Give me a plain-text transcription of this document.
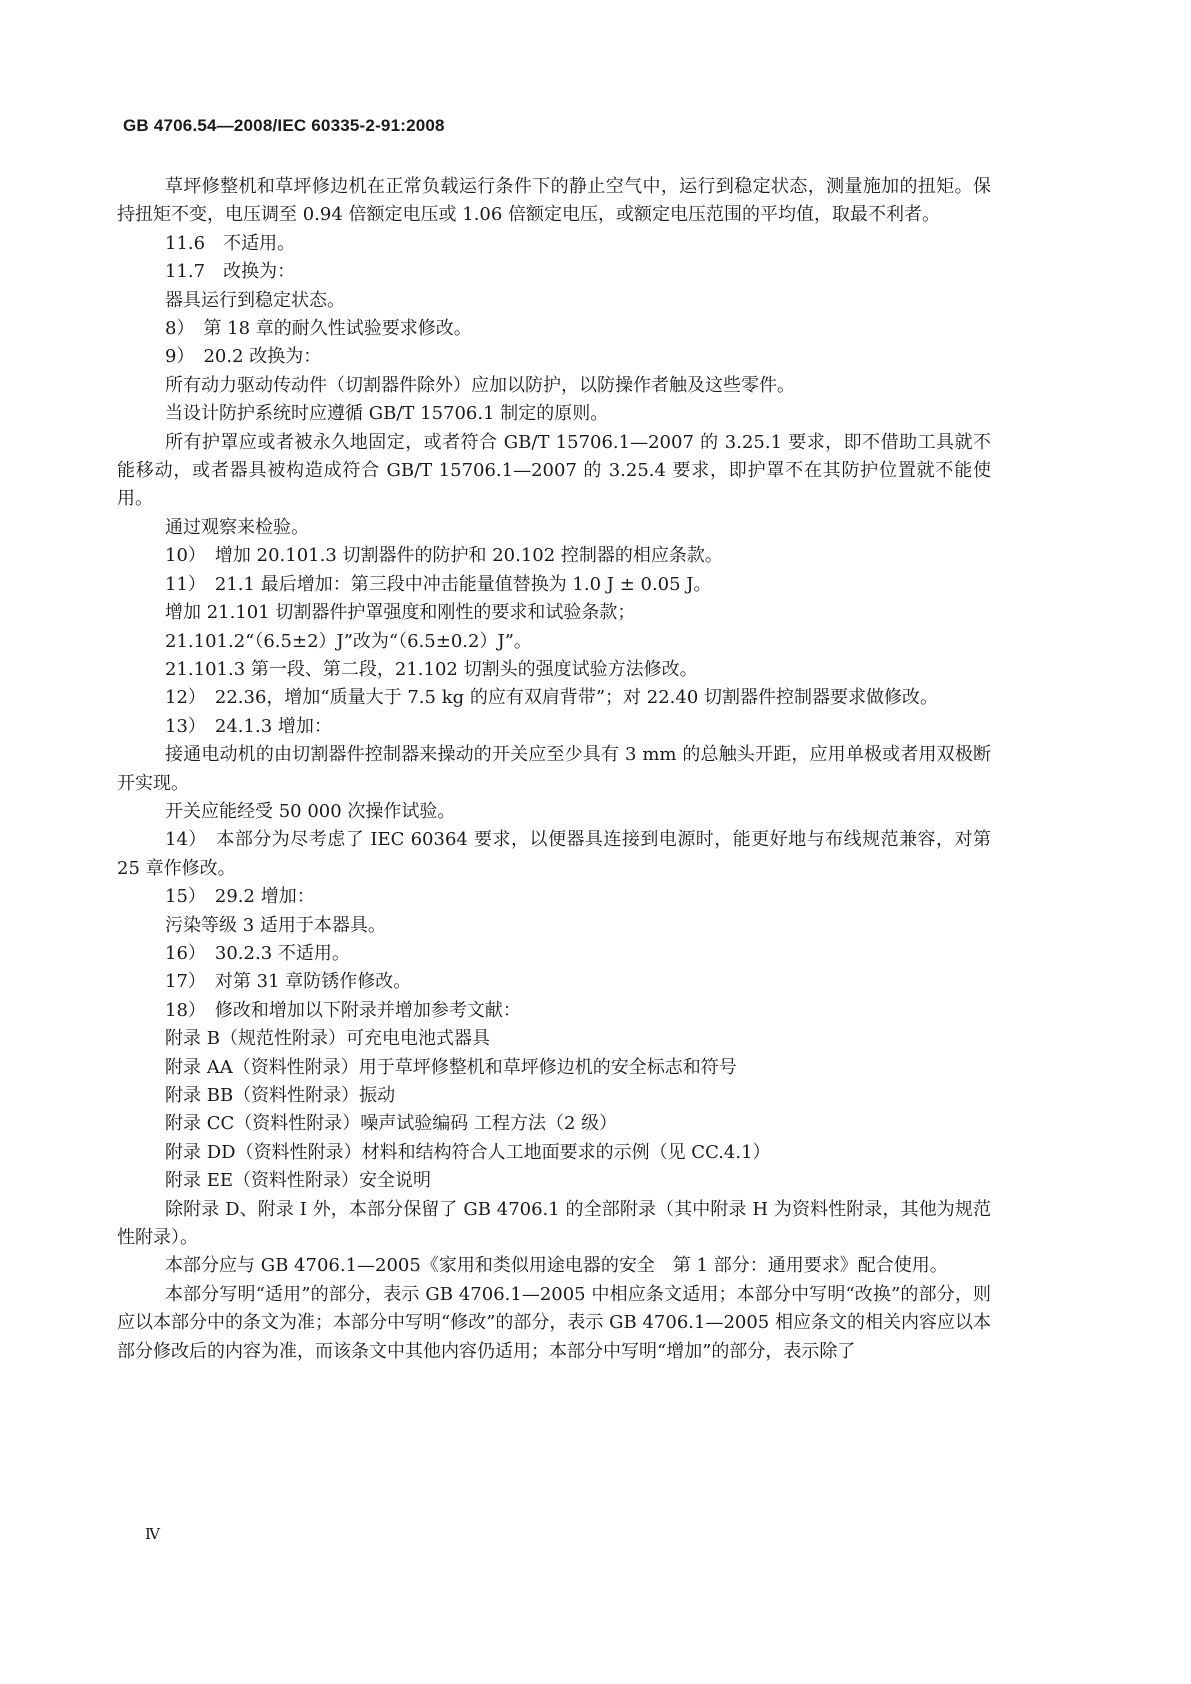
GB 4706.54—2008/IEC 60335-2-91:2008

草坪修整机和草坪修边机在正常负载运行条件下的静止空气中，运行到稳定状态，测量施加的扭矩。保持扭矩不变，电压调至 0.94 倍额定电压或 1.06 倍额定电压，或额定电压范围的平均值，取最不利者。

11.6　不适用。

11.7　改换为：

器具运行到稳定状态。

8）　第 18 章的耐久性试验要求修改。

9）　20.2 改换为：

所有动力驱动传动件（切割器件除外）应加以防护，以防操作者触及这些零件。

当设计防护系统时应遵循 GB/T 15706.1 制定的原则。

所有护罩应或者被永久地固定，或者符合 GB/T 15706.1—2007 的 3.25.1 要求，即不借助工具就不能移动，或者器具被构造成符合 GB/T 15706.1—2007 的 3.25.4 要求，即护罩不在其防护位置就不能使用。

通过观察来检验。

10）　增加 20.101.3 切割器件的防护和 20.102 控制器的相应条款。

11）　21.1 最后增加：第三段中冲击能量值替换为 1.0 J ± 0.05 J。

增加 21.101 切割器件护罩强度和刚性的要求和试验条款；

21.101.2“（6.5±2）J”改为“（6.5±0.2）J”。

21.101.3 第一段、第二段，21.102 切割头的强度试验方法修改。

12）　22.36，增加“质量大于 7.5 kg 的应有双肩背带”；对 22.40 切割器件控制器要求做修改。

13）　24.1.3 增加：

接通电动机的由切割器件控制器来操动的开关应至少具有 3 mm 的总触头开距，应用单极或者用双极断开实现。

开关应能经受 50 000 次操作试验。

14）　本部分为尽考虑了 IEC 60364 要求，以便器具连接到电源时，能更好地与布线规范兼容，对第 25 章作修改。

15）　29.2 增加：

污染等级 3 适用于本器具。

16）　30.2.3 不适用。

17）　对第 31 章防锈作修改。

18）　修改和增加以下附录并增加参考文献：

附录 B（规范性附录）可充电电池式器具

附录 AA（资料性附录）用于草坪修整机和草坪修边机的安全标志和符号

附录 BB（资料性附录）振动

附录 CC（资料性附录）噪声试验编码 工程方法（2 级）

附录 DD（资料性附录）材料和结构符合人工地面要求的示例（见 CC.4.1）

附录 EE（资料性附录）安全说明

除附录 D、附录 I 外，本部分保留了 GB 4706.1 的全部附录（其中附录 H 为资料性附录，其他为规范性附录）。

本部分应与 GB 4706.1—2005《家用和类似用途电器的安全　第 1 部分：通用要求》配合使用。

本部分写明“适用”的部分，表示 GB 4706.1—2005 中相应条文适用；本部分中写明“改换”的部分，则应以本部分中的条文为准；本部分中写明“修改”的部分，表示 GB 4706.1—2005 相应条文的相关内容应以本部分修改后的内容为准，而该条文中其他内容仍适用；本部分中写明“增加”的部分，表示除了

Ⅳ
